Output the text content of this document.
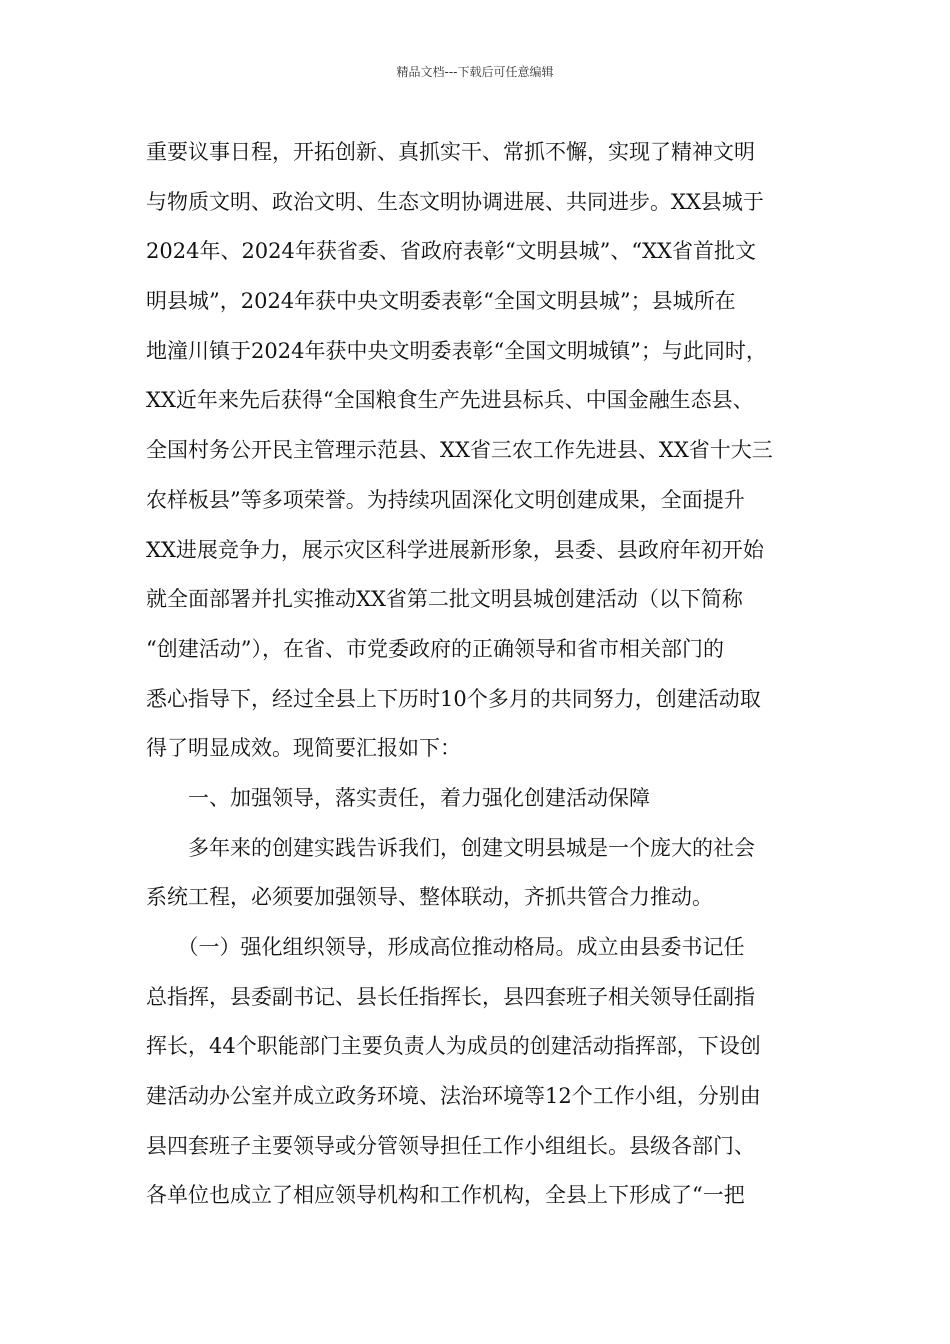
精品文档---下载后可任意编辑
重要议事日程，开拓创新、真抓实干、常抓不懈，实现了精神文明
与物质文明、政治文明、生态文明协调进展、共同进步。XX县城于
2024年、2024年获省委、省政府表彰“文明县城”、“XX省首批文
明县城”，2024年获中央文明委表彰“全国文明县城”；县城所在
地潼川镇于2024年获中央文明委表彰“全国文明城镇”；与此同时，
XX近年来先后获得“全国粮食生产先进县标兵、中国金融生态县、
全国村务公开民主管理示范县、XX省三农工作先进县、XX省十大三
农样板县”等多项荣誉。为持续巩固深化文明创建成果，全面提升
XX进展竞争力，展示灾区科学进展新形象，县委、县政府年初开始
就全面部署并扎实推动XX省第二批文明县城创建活动（以下简称
“创建活动”），在省、市党委政府的正确领导和省市相关部门的
悉心指导下，经过全县上下历时10个多月的共同努力，创建活动取
得了明显成效。现简要汇报如下：
　　一、加强领导，落实责任，着力强化创建活动保障
　　多年来的创建实践告诉我们，创建文明县城是一个庞大的社会
系统工程，必须要加强领导、整体联动，齐抓共管合力推动。
　　（一）强化组织领导，形成高位推动格局。成立由县委书记任
总指挥，县委副书记、县长任指挥长，县四套班子相关领导任副指
挥长，44个职能部门主要负责人为成员的创建活动指挥部，下设创
建活动办公室并成立政务环境、法治环境等12个工作小组，分别由
县四套班子主要领导或分管领导担任工作小组组长。县级各部门、
各单位也成立了相应领导机构和工作机构，全县上下形成了“一把
